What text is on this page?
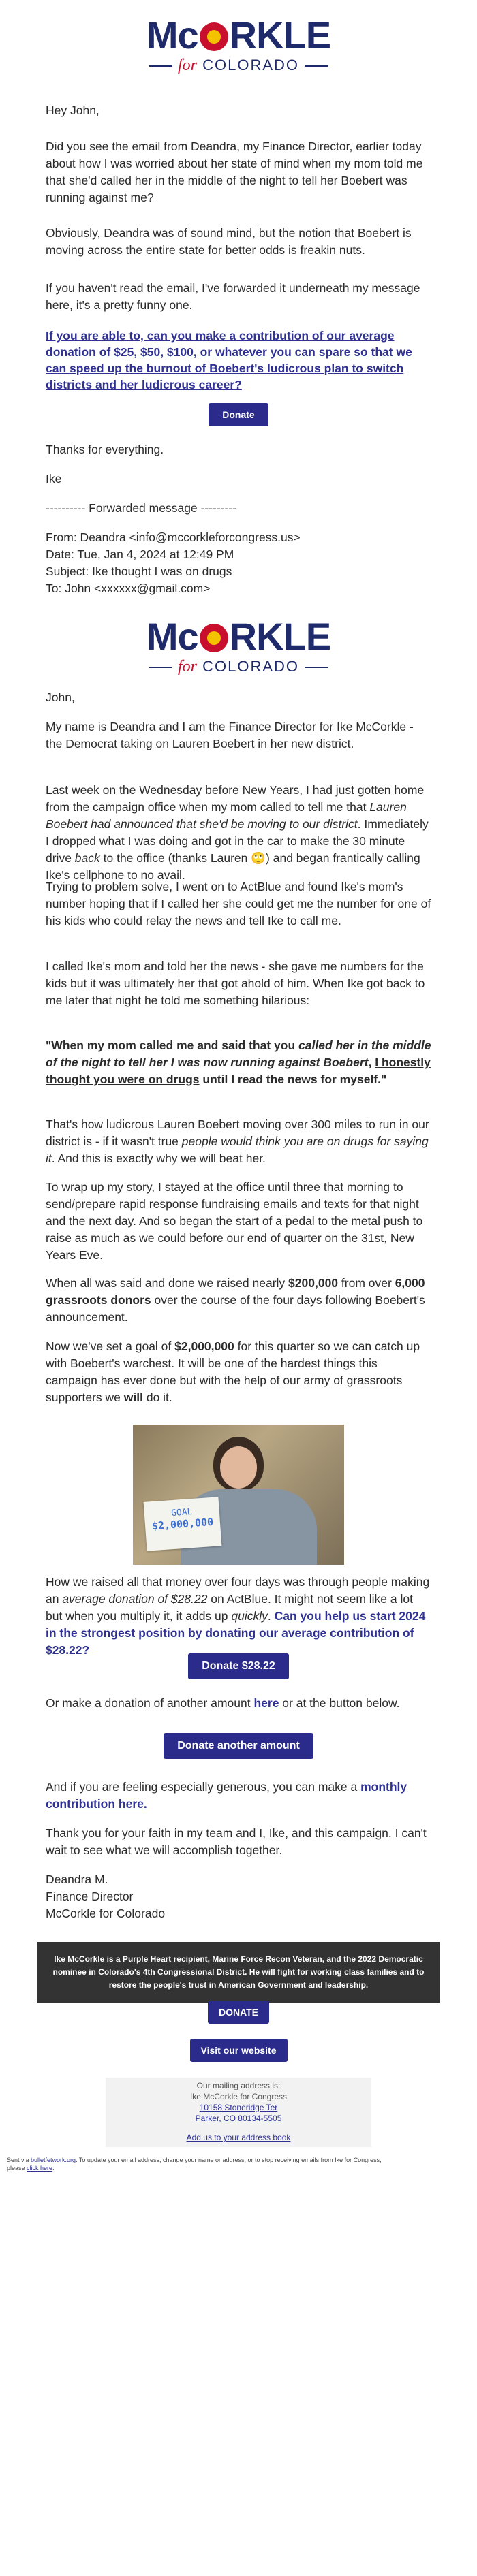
Mc RKLE
for COLORADO

Hey John,

Did you see the email from Deandra, my Finance Director, earlier today about how I was worried about her state of mind when my mom told me that she'd called her in the middle of the night to tell her Boebert was running against me?

Obviously, Deandra was of sound mind, but the notion that Boebert is moving across the entire state for better odds is freakin nuts.

If you haven't read the email, I've forwarded it underneath my message here, it's a pretty funny one.

If you are able to, can you make a contribution of our average donation of $25, $50, $100, or whatever you can spare so that we can speed up the burnout of Boebert's ludicrous plan to switch districts and her ludicrous career?

Donate

Thanks for everything.

Ike

---------- Forwarded message ---------

From: Deandra <info@mccorkleforcongress.us>

Date: Tue, Jan 4, 2024 at 12:49 PM

Subject: Ike thought I was on drugs

To: John <xxxxxx@gmail.com>

Mc RKLE
for COLORADO

John,

My name is Deandra and I am the Finance Director for Ike McCorkle - the Democrat taking on Lauren Boebert in her new district.

Last week on the Wednesday before New Years, I had just gotten home from the campaign office when my mom called to tell me that Lauren Boebert had announced that she'd be moving to our district. Immediately I dropped what I was doing and got in the car to make the 30 minute drive back to the office (thanks Lauren 🙄) and began frantically calling Ike's cellphone to no avail.

Trying to problem solve, I went on to ActBlue and found Ike's mom's number hoping that if I called her she could get me the number for one of his kids who could relay the news and tell Ike to call me.

I called Ike's mom and told her the news - she gave me numbers for the kids but it was ultimately her that got ahold of him. When Ike got back to me later that night he told me something hilarious:

"When my mom called me and said that you called her in the middle of the night to tell her I was now running against Boebert, I honestly thought you were on drugs until I read the news for myself."

That's how ludicrous Lauren Boebert moving over 300 miles to run in our district is - if it wasn't true people would think you are on drugs for saying it. And this is exactly why we will beat her.

To wrap up my story, I stayed at the office until three that morning to send/prepare rapid response fundraising emails and texts for that night and the next day. And so began the start of a pedal to the metal push to raise as much as we could before our end of quarter on the 31st, New Years Eve.

When all was said and done we raised nearly $200,000 from over 6,000 grassroots donors over the course of the four days following Boebert's announcement.

Now we've set a goal of $2,000,000 for this quarter so we can catch up with Boebert's warchest. It will be one of the hardest things this campaign has ever done but with the help of our army of grassroots supporters we will do it.

GOAL
$2,000,000

How we raised all that money over four days was through people making an average donation of $28.22 on ActBlue. It might not seem like a lot but when you multiply it, it adds up quickly. Can you help us start 2024 in the strongest position by donating our average contribution of $28.22?

Donate $28.22

Or make a donation of another amount here or at the button below.

Donate another amount

And if you are feeling especially generous, you can make a monthly contribution here.

Thank you for your faith in my team and I, Ike, and this campaign. I can't wait to see what we will accomplish together.

Deandra M.

Finance Director

McCorkle for Colorado

Ike McCorkle is a Purple Heart recipient, Marine Force Recon Veteran, and the 2022 Democratic nominee in Colorado's 4th Congressional District. He will fight for working class families and to restore the people's trust in American Government and leadership.
DONATE
Visit our website
Our mailing address is:
Ike McCorkle for Congress
10158 Stoneridge Ter
Parker, CO 80134-5505
Add us to your address book
Sent via bulletfetwork.org. To update your email address, change your name or address, or to stop receiving emails from Ike for Congress, please click here.
